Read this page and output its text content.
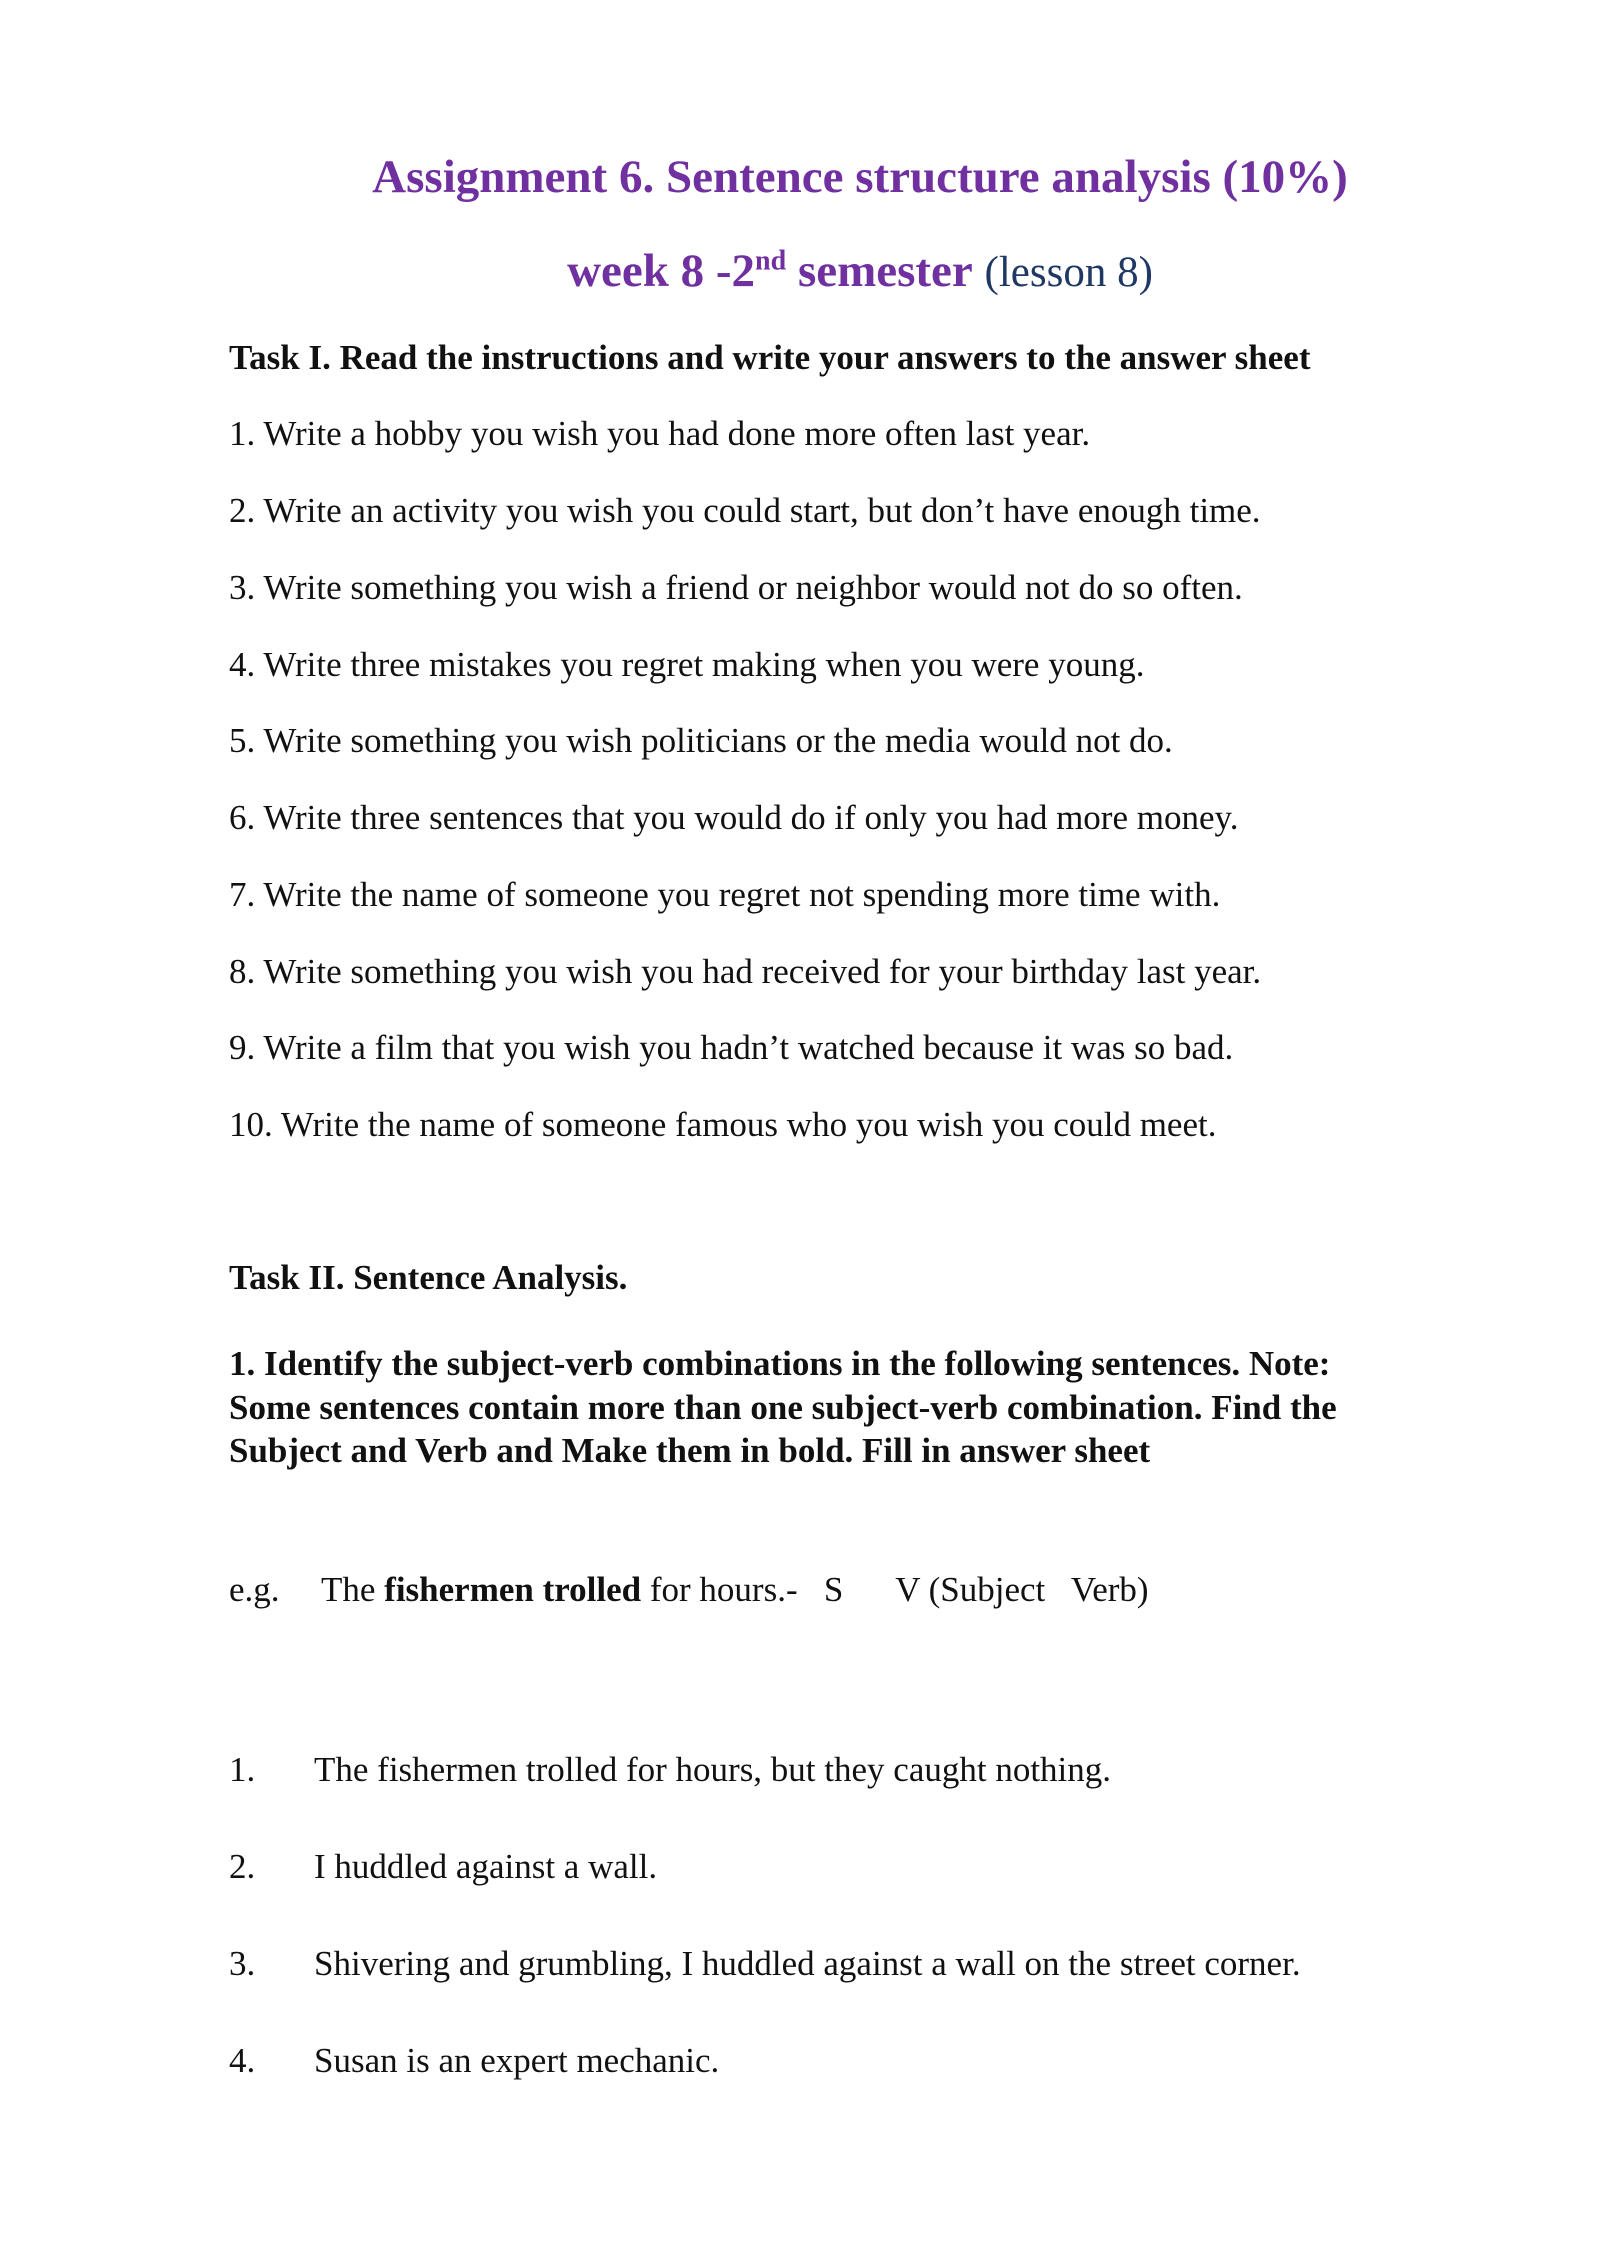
Assignment 6. Sentence structure analysis (10%)
week 8 -2nd semester (lesson 8)
Task I. Read the instructions and write your answers to the answer sheet
1. Write a hobby you wish you had done more often last year.
2. Write an activity you wish you could start, but don’t have enough time.
3. Write something you wish a friend or neighbor would not do so often.
4. Write three mistakes you regret making when you were young.
5. Write something you wish politicians or the media would not do.
6. Write three sentences that you would do if only you had more money.
7. Write the name of someone you regret not spending more time with.
8. Write something you wish you had received for your birthday last year.
9. Write a film that you wish you hadn’t watched because it was so bad.
10. Write the name of someone famous who you wish you could meet.
Task II. Sentence Analysis.
1. Identify the subject-verb combinations in the following sentences. Note: Some sentences contain more than one subject-verb combination. Find the Subject and Verb and Make them in bold. Fill in answer sheet
e.g. The fishermen trolled for hours.-   S      V (Subject   Verb)
1. The fishermen trolled for hours, but they caught nothing.
2. I huddled against a wall.
3. Shivering and grumbling, I huddled against a wall on the street corner.
4. Susan is an expert mechanic.
